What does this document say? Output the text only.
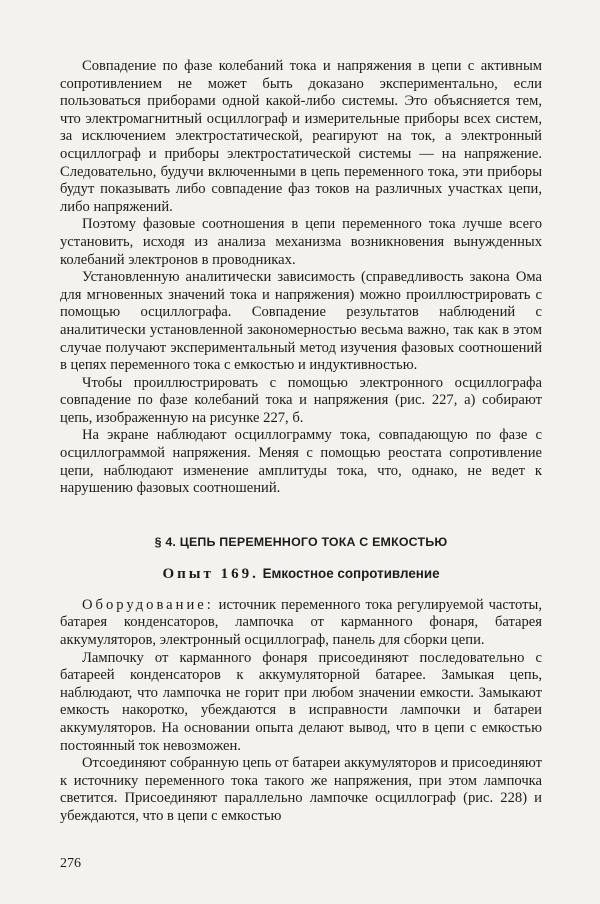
Совпадение по фазе колебаний тока и напряжения в цепи с активным сопротивлением не может быть доказано экспериментально, если пользоваться приборами одной какой-либо системы. Это объясняется тем, что электромагнитный осциллограф и измерительные приборы всех систем, за исключением электростатической, реагируют на ток, а электронный осциллограф и приборы электростатической системы — на напряжение. Следовательно, будучи включенными в цепь переменного тока, эти приборы будут показывать либо совпадение фаз токов на различных участках цепи, либо напряжений.

Поэтому фазовые соотношения в цепи переменного тока лучше всего установить, исходя из анализа механизма возникновения вынужденных колебаний электронов в проводниках.

Установленную аналитически зависимость (справедливость закона Ома для мгновенных значений тока и напряжения) можно проиллюстрировать с помощью осциллографа. Совпадение результатов наблюдений с аналитически установленной закономерностью весьма важно, так как в этом случае получают экспериментальный метод изучения фазовых соотношений в цепях переменного тока с емкостью и индуктивностью.

Чтобы проиллюстрировать с помощью электронного осциллографа совпадение по фазе колебаний тока и напряжения (рис. 227, а) собирают цепь, изображенную на рисунке 227, б.

На экране наблюдают осциллограмму тока, совпадающую по фазе с осциллограммой напряжения. Меняя с помощью реостата сопротивление цепи, наблюдают изменение амплитуды тока, что, однако, не ведет к нарушению фазовых соотношений.

§ 4. ЦЕПЬ ПЕРЕМЕННОГО ТОКА С ЕМКОСТЬЮ
Опыт 169. Емкостное сопротивление

Оборудование: источник переменного тока регулируемой частоты, батарея конденсаторов, лампочка от карманного фонаря, батарея аккумуляторов, электронный осциллограф, панель для сборки цепи.

Лампочку от карманного фонаря присоединяют последовательно с батареей конденсаторов к аккумуляторной батарее. Замыкая цепь, наблюдают, что лампочка не горит при любом значении емкости. Замыкают емкость накоротко, убеждаются в исправности лампочки и батареи аккумуляторов. На основании опыта делают вывод, что в цепи с емкостью постоянный ток невозможен.

Отсоединяют собранную цепь от батареи аккумуляторов и присоединяют к источнику переменного тока такого же напряжения, при этом лампочка светится. Присоединяют параллельно лампочке осциллограф (рис. 228) и убеждаются, что в цепи с емкостью

276
